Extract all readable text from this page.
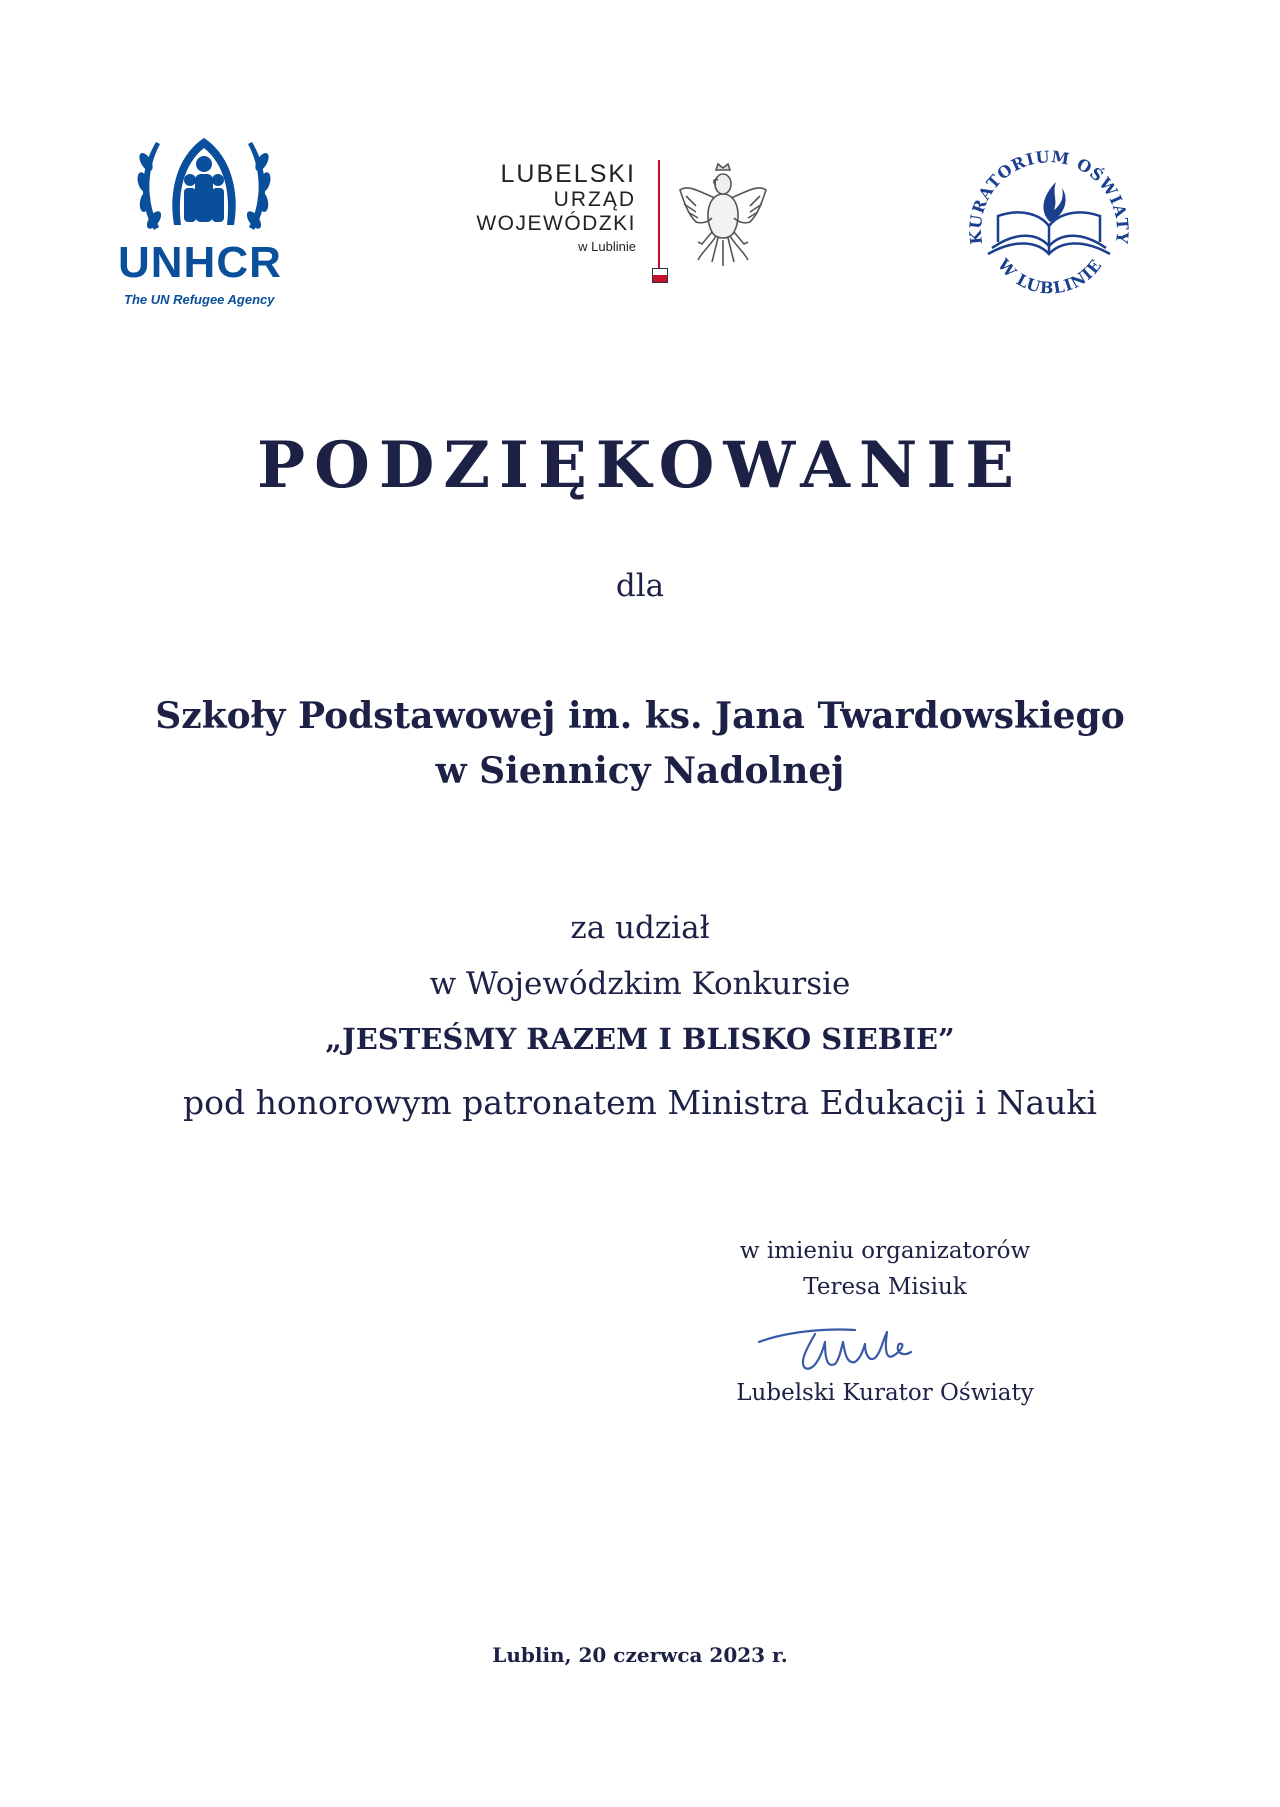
UNHCR
The UN Refugee Agency
LUBELSKI
URZĄD
WOJEWÓDZKI
w Lublinie
KURATORIUM OŚWIATY
W LUBLINIE
PODZIĘKOWANIE
dla
Szkoły Podstawowej im. ks. Jana Twardowskiego
w Siennicy Nadolnej
za udział
w Wojewódzkim Konkursie
„JESTEŚMY RAZEM I BLISKO SIEBIE”
pod honorowym patronatem Ministra Edukacji i Nauki
w imieniu organizatorów
Teresa Misiuk
Lubelski Kurator Oświaty
Lublin, 20 czerwca 2023 r.
